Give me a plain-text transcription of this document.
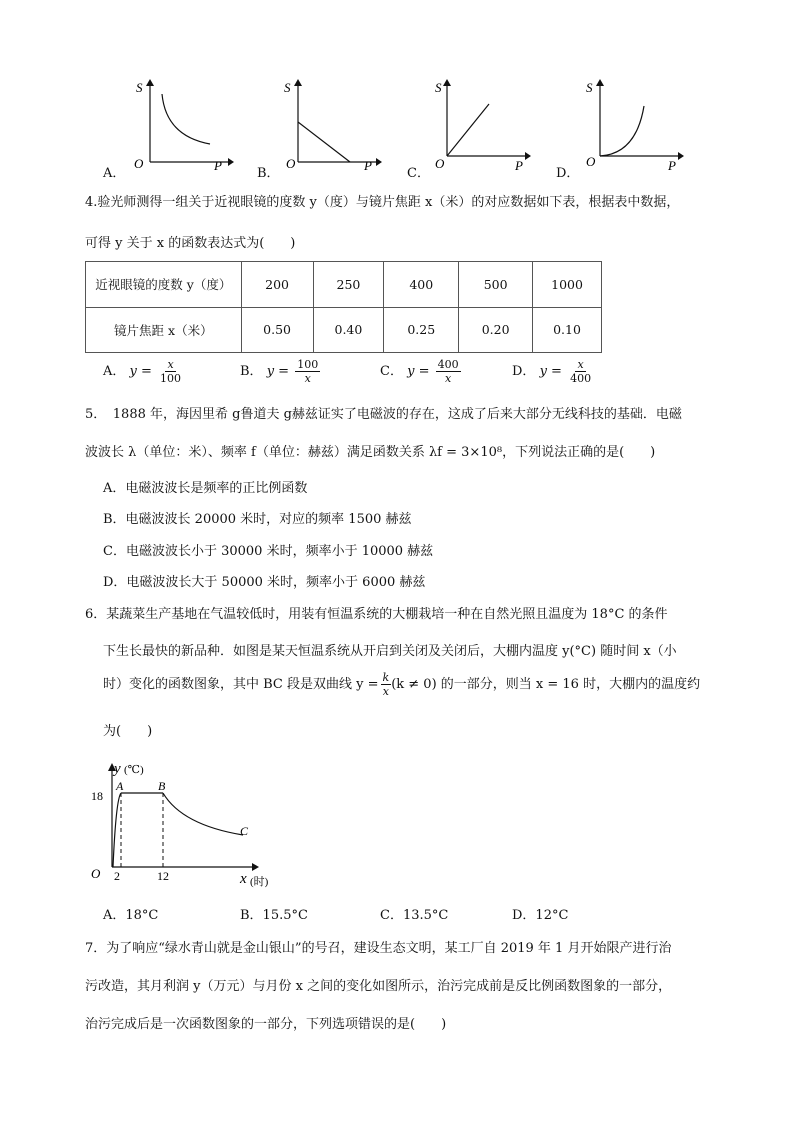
A．
S
P
O
B．
S
P
O
C．
S
P
O
D．
S
P
O
4.验光师测得一组关于近视眼镜的度数 y（度）与镜片焦距 x（米）的对应数据如下表，根据表中数据，
可得 y 关于 x 的函数表达式为(　　)
近视眼镜的度数 y（度）	200	250	400	500	1000
镜片焦距 x（米）	0.50	0.40	0.25	0.20	0.10
A． $y = \frac{x}{100}$	B． $y = \frac{100}{x}$	C． $y = \frac{400}{x}$	D． $y = \frac{x}{400}$
5．　1888 年，海因里希 g鲁道夫 g赫兹证实了电磁波的存在，这成了后来大部分无线科技的基础．电磁
波波长 λ（单位：米）、频率 f（单位：赫兹）满足函数关系 λf = 3×10⁸，下列说法正确的是(　　)
A．电磁波波长是频率的正比例函数
B．电磁波波长 20000 米时，对应的频率 1500 赫兹
C．电磁波波长小于 30000 米时，频率小于 10000 赫兹
D．电磁波波长大于 50000 米时，频率小于 6000 赫兹
6．某蔬菜生产基地在气温较低时，用装有恒温系统的大棚栽培一种在自然光照且温度为 18°C 的条件
下生长最快的新品种．如图是某天恒温系统从开启到关闭及关闭后，大棚内温度 y(°C) 随时间 x（小
时）变化的函数图象，其中 BC 段是双曲线 $y = \frac{k}{x} (k \ne 0)$ 的一部分，则当 x = 16 时，大棚内的温度约
为(　　)
y (℃)
18
O 2	12	x (时)
A	B
C
A．18°C	B．15.5°C	C．13.5°C	D．12°C
7．为了响应“绿水青山就是金山银山”的号召，建设生态文明，某工厂自 2019 年 1 月开始限产进行治
污改造，其月利润 y（万元）与月份 x 之间的变化如图所示，治污完成前是反比例函数图象的一部分，
治污完成后是一次函数图象的一部分，下列选项错误的是(　　)
